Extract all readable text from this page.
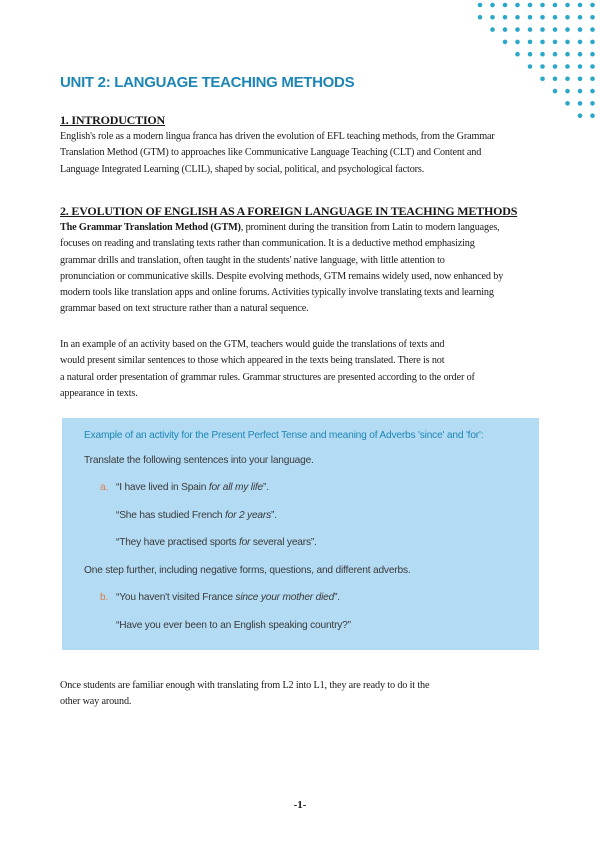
UNIT 2: LANGUAGE TEACHING METHODS
1. INTRODUCTION
English's role as a modern lingua franca has driven the evolution of EFL teaching methods, from the Grammar
Translation Method (GTM) to approaches like Communicative Language Teaching (CLT) and Content and
Language Integrated Learning (CLIL), shaped by social, political, and psychological factors.
2. EVOLUTION OF ENGLISH AS A FOREIGN LANGUAGE IN TEACHING METHODS
The Grammar Translation Method (GTM), prominent during the transition from Latin to modern languages,
focuses on reading and translating texts rather than communication. It is a deductive method emphasizing
grammar drills and translation, often taught in the students' native language, with little attention to
pronunciation or communicative skills. Despite evolving methods, GTM remains widely used, now enhanced by
modern tools like translation apps and online forums. Activities typically involve translating texts and learning
grammar based on text structure rather than a natural sequence.
In an example of an activity based on the GTM, teachers would guide the translations of texts and
would present similar sentences to those which appeared in the texts being translated. There is not
a natural order presentation of grammar rules. Grammar structures are presented according to the order of
appearance in texts.
Example of an activity for the Present Perfect Tense and meaning of Adverbs 'since' and 'for':
Translate the following sentences into your language.
a. “I have lived in Spain for all my life”.
“She has studied French for 2 years”.
“They have practised sports for several years”.
One step further, including negative forms, questions, and different adverbs.
b. “You haven't visited France since your mother died”.
“Have you ever been to an English speaking country?”
Once students are familiar enough with translating from L2 into L1, they are ready to do it the
other way around.
-1-
